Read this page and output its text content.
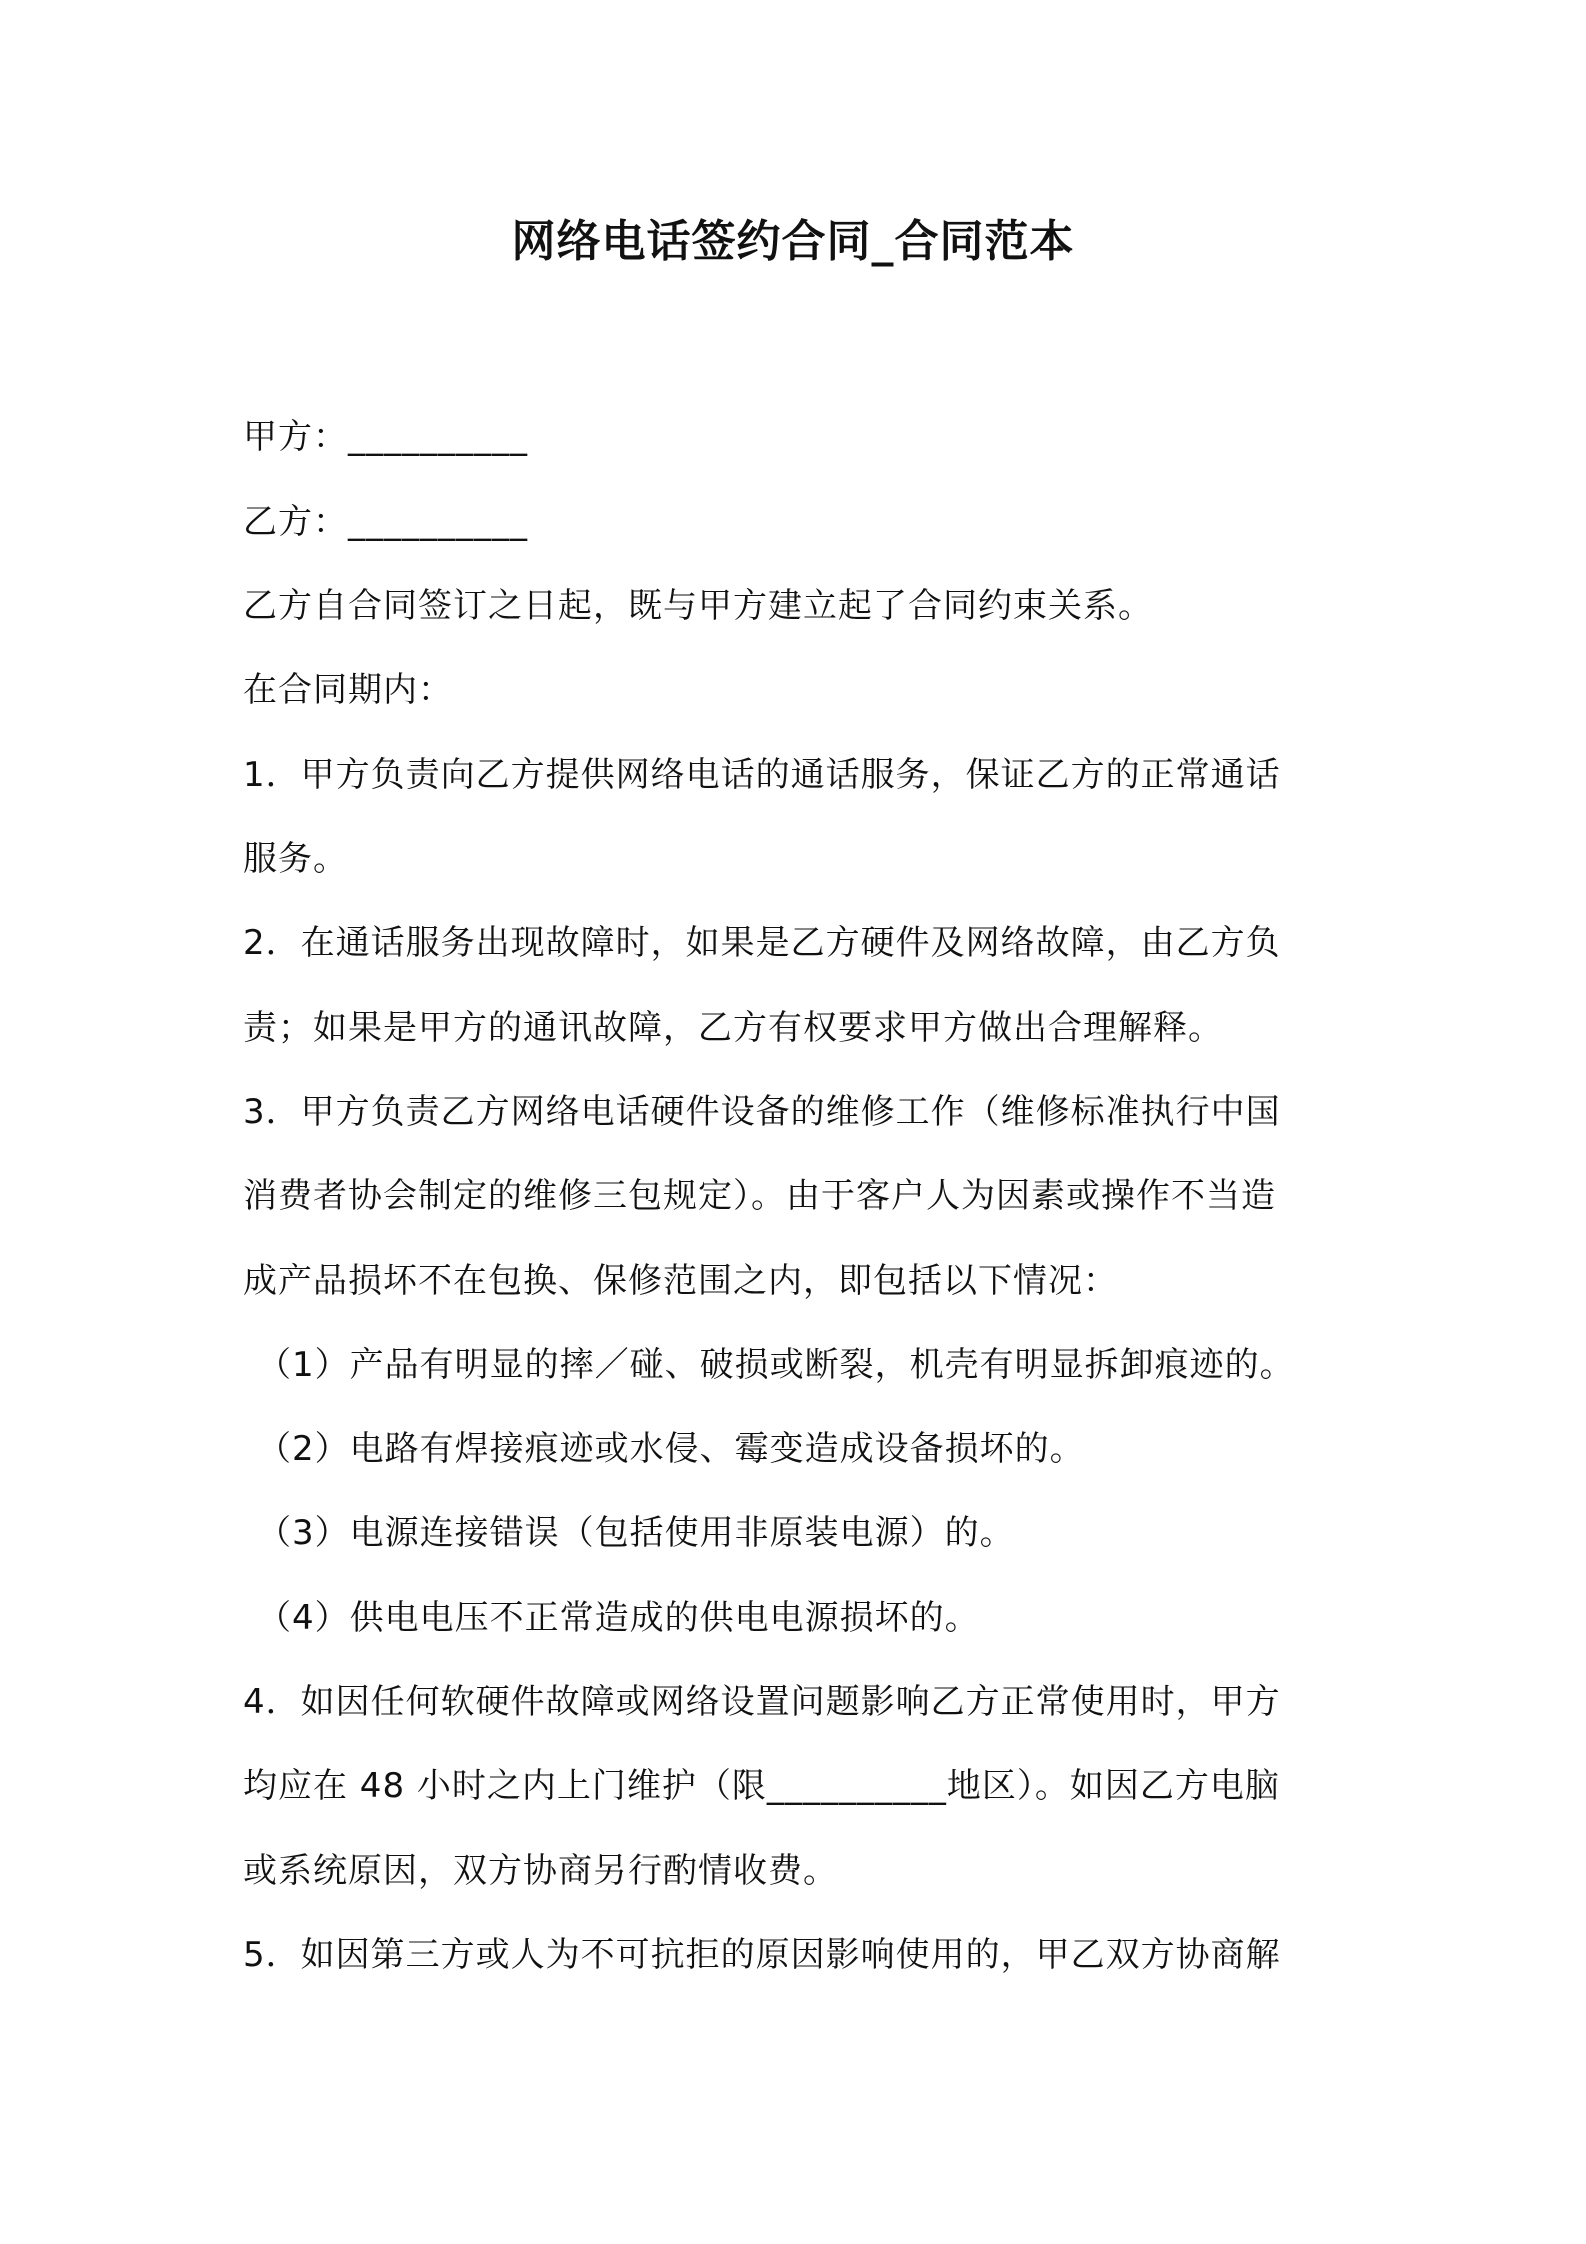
网络电话签约合同_合同范本
甲方：__________
乙方：__________
乙方自合同签订之日起，既与甲方建立起了合同约束关系。
在合同期内：
1．甲方负责向乙方提供网络电话的通话服务，保证乙方的正常通话
服务。
2．在通话服务出现故障时，如果是乙方硬件及网络故障，由乙方负
责；如果是甲方的通讯故障，乙方有权要求甲方做出合理解释。
3．甲方负责乙方网络电话硬件设备的维修工作（维修标准执行中国
消费者协会制定的维修三包规定）。由于客户人为因素或操作不当造
成产品损坏不在包换、保修范围之内，即包括以下情况：
（1）产品有明显的摔／碰、破损或断裂，机壳有明显拆卸痕迹的。
（2）电路有焊接痕迹或水侵、霉变造成设备损坏的。
（3）电源连接错误（包括使用非原装电源）的。
（4）供电电压不正常造成的供电电源损坏的。
4．如因任何软硬件故障或网络设置问题影响乙方正常使用时，甲方
均应在 48 小时之内上门维护（限__________地区）。如因乙方电脑
或系统原因，双方协商另行酌情收费。
5．如因第三方或人为不可抗拒的原因影响使用的，甲乙双方协商解
